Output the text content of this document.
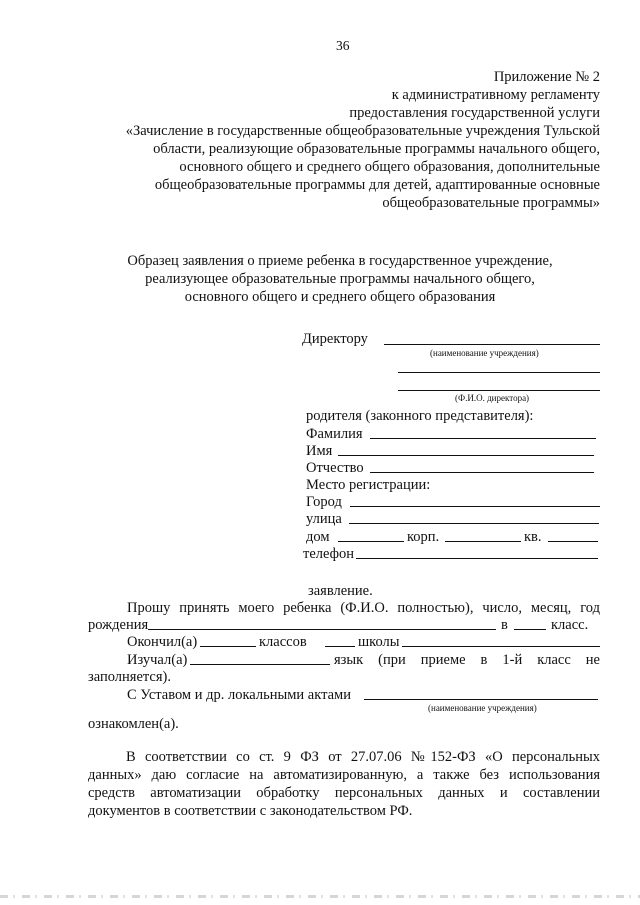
36
Приложение № 2
к административному регламенту
предоставления государственной услуги
«Зачисление в государственные общеобразовательные учреждения Тульской
области, реализующие образовательные программы начального общего,
основного общего и среднего общего образования, дополнительные
общеобразовательные программы для детей, адаптированные основные
общеобразовательные программы»
Образец заявления о приеме ребенка в государственное учреждение,
реализующее образовательные программы начального общего,
основного общего и среднего общего образования
Директору
(наименование учреждения)
(Ф.И.О. директора)
родителя (законного представителя):
Фамилия
Имя
Отчество
Место регистрации:
Город
улица
дом	корп.	кв.
телефон
заявление.
Прошу принять моего ребенка (Ф.И.О. полностью), число, месяц, год
рождения	в	класс.
Окончил(а)	классов	школы
Изучал(а)	язык (при приеме в 1-й класс не
заполняется).
С Уставом и др. локальными актами
(наименование учреждения)
ознакомлен(а).
В соответствии со ст. 9 ФЗ от 27.07.06 №152-ФЗ «О персональных
данных» даю согласие на автоматизированную, а также без использования
средств автоматизации обработку персональных данных и составлении
документов в соответствии с законодательством РФ.
